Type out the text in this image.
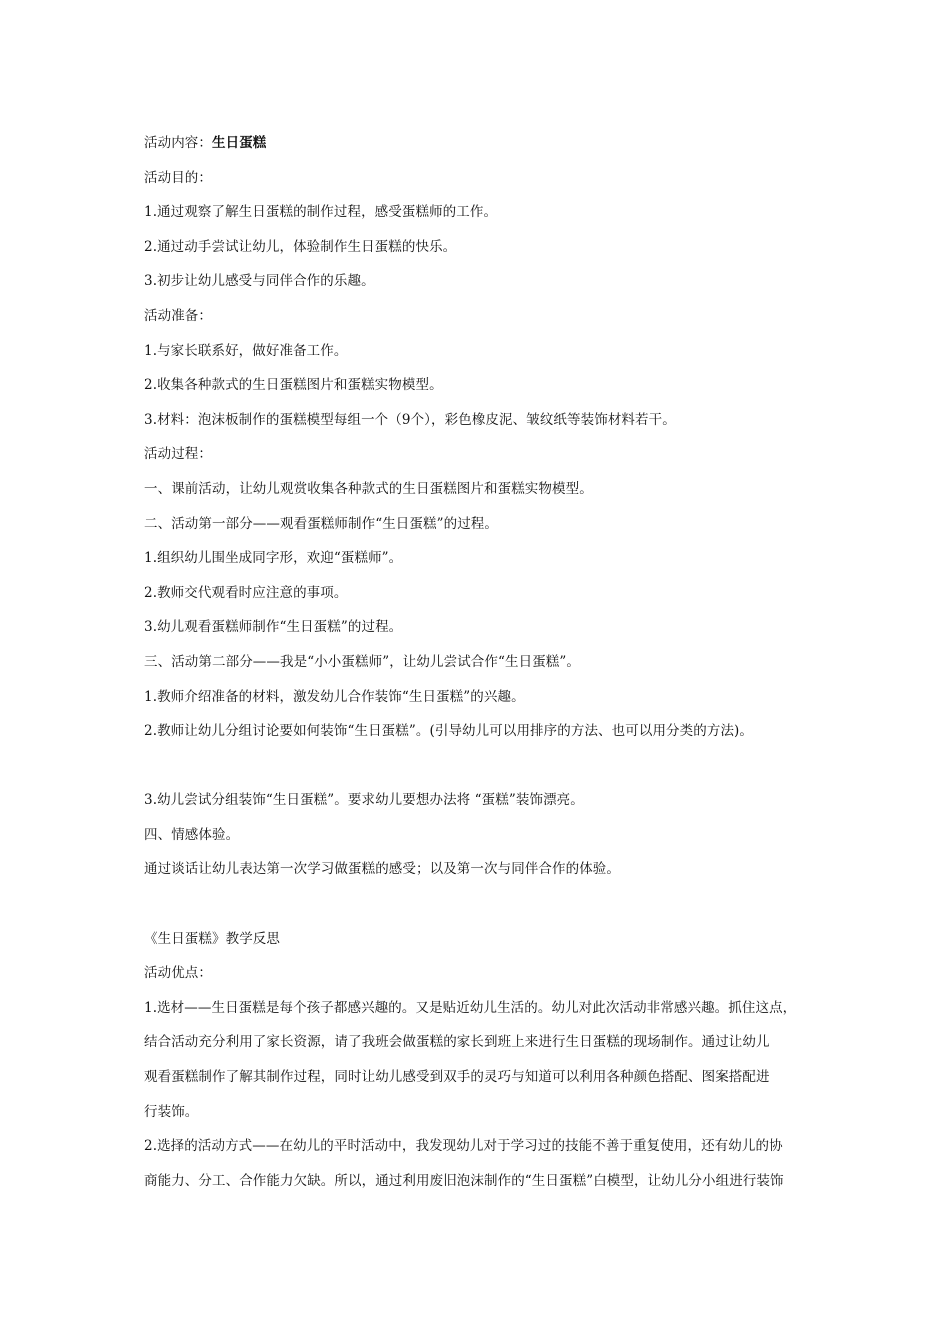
活动内容：生日蛋糕
活动目的：
1.通过观察了解生日蛋糕的制作过程，感受蛋糕师的工作。
2.通过动手尝试让幼儿，体验制作生日蛋糕的快乐。
3.初步让幼儿感受与同伴合作的乐趣。
活动准备：
1.与家长联系好，做好准备工作。
2.收集各种款式的生日蛋糕图片和蛋糕实物模型。
3.材料：泡沫板制作的蛋糕模型每组一个（9个），彩色橡皮泥、皱纹纸等装饰材料若干。
活动过程：
一、课前活动，让幼儿观赏收集各种款式的生日蛋糕图片和蛋糕实物模型。
二、活动第一部分——观看蛋糕师制作“生日蛋糕”的过程。
1.组织幼儿围坐成同字形，欢迎“蛋糕师”。
2.教师交代观看时应注意的事项。
3.幼儿观看蛋糕师制作“生日蛋糕”的过程。
三、活动第二部分——我是“小小蛋糕师”，让幼儿尝试合作“生日蛋糕”。
1.教师介绍准备的材料，激发幼儿合作装饰“生日蛋糕”的兴趣。
2.教师让幼儿分组讨论要如何装饰“生日蛋糕”。(引导幼儿可以用排序的方法、也可以用分类的方法)。
3.幼儿尝试分组装饰“生日蛋糕”。要求幼儿要想办法将 “蛋糕”装饰漂亮。
四、情感体验。
通过谈话让幼儿表达第一次学习做蛋糕的感受；以及第一次与同伴合作的体验。
《生日蛋糕》教学反思
活动优点：
1.选材——生日蛋糕是每个孩子都感兴趣的。又是贴近幼儿生活的。幼儿对此次活动非常感兴趣。抓住这点，
结合活动充分利用了家长资源，请了我班会做蛋糕的家长到班上来进行生日蛋糕的现场制作。通过让幼儿
观看蛋糕制作了解其制作过程，同时让幼儿感受到双手的灵巧与知道可以利用各种颜色搭配、图案搭配进
行装饰。
2.选择的活动方式——在幼儿的平时活动中，我发现幼儿对于学习过的技能不善于重复使用，还有幼儿的协
商能力、分工、合作能力欠缺。所以，通过利用废旧泡沫制作的“生日蛋糕”白模型，让幼儿分小组进行装饰
